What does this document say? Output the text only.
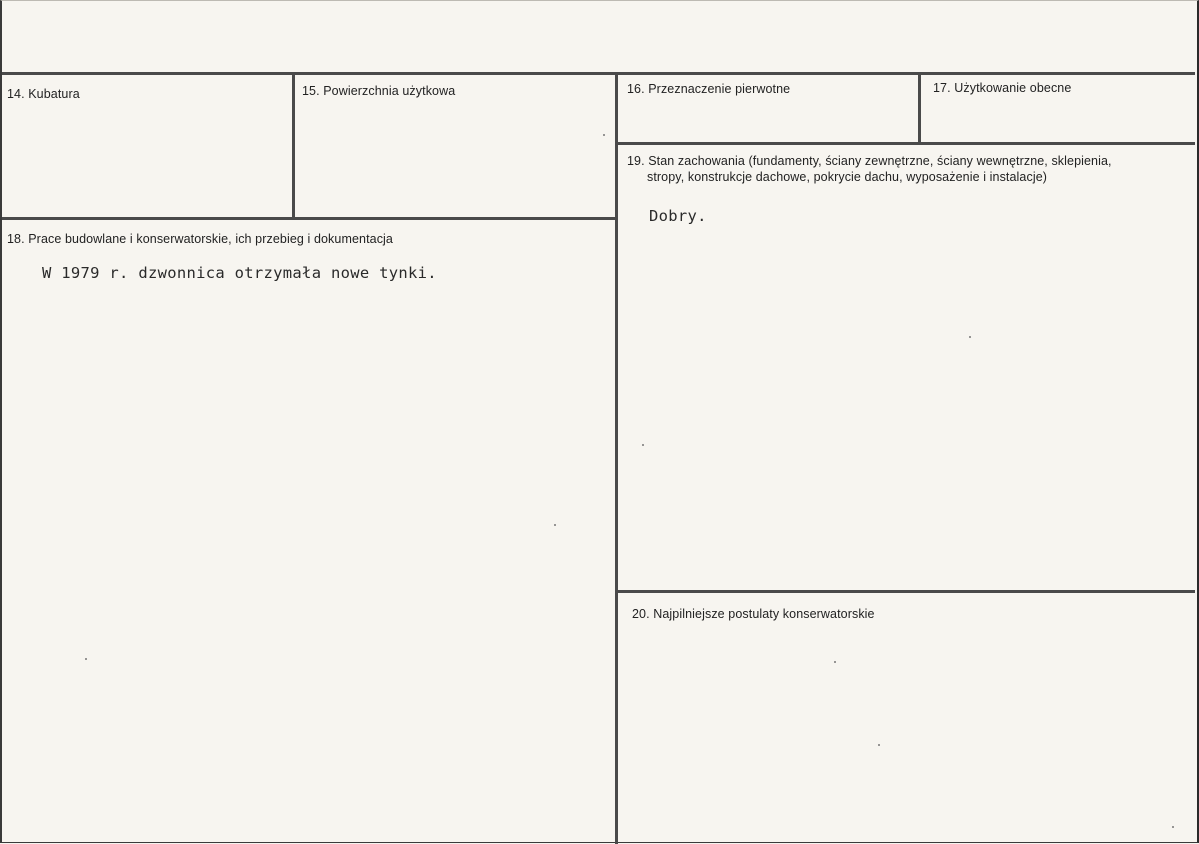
14. Kubatura	15. Powierzchnia użytkowa	16. Przeznaczenie pierwotne	17. Użytkowanie obecne
18. Prace budowlane i konserwatorskie, ich przebieg i dokumentacja
W 1979 r. dzwonnica otrzymała nowe tynki.
19. Stan zachowania (fundamenty, ściany zewnętrzne, ściany wewnętrzne, sklepienia,
stropy, konstrukcje dachowe, pokrycie dachu, wyposażenie i instalacje)
Dobry.
20. Najpilniejsze postulaty konserwatorskie
